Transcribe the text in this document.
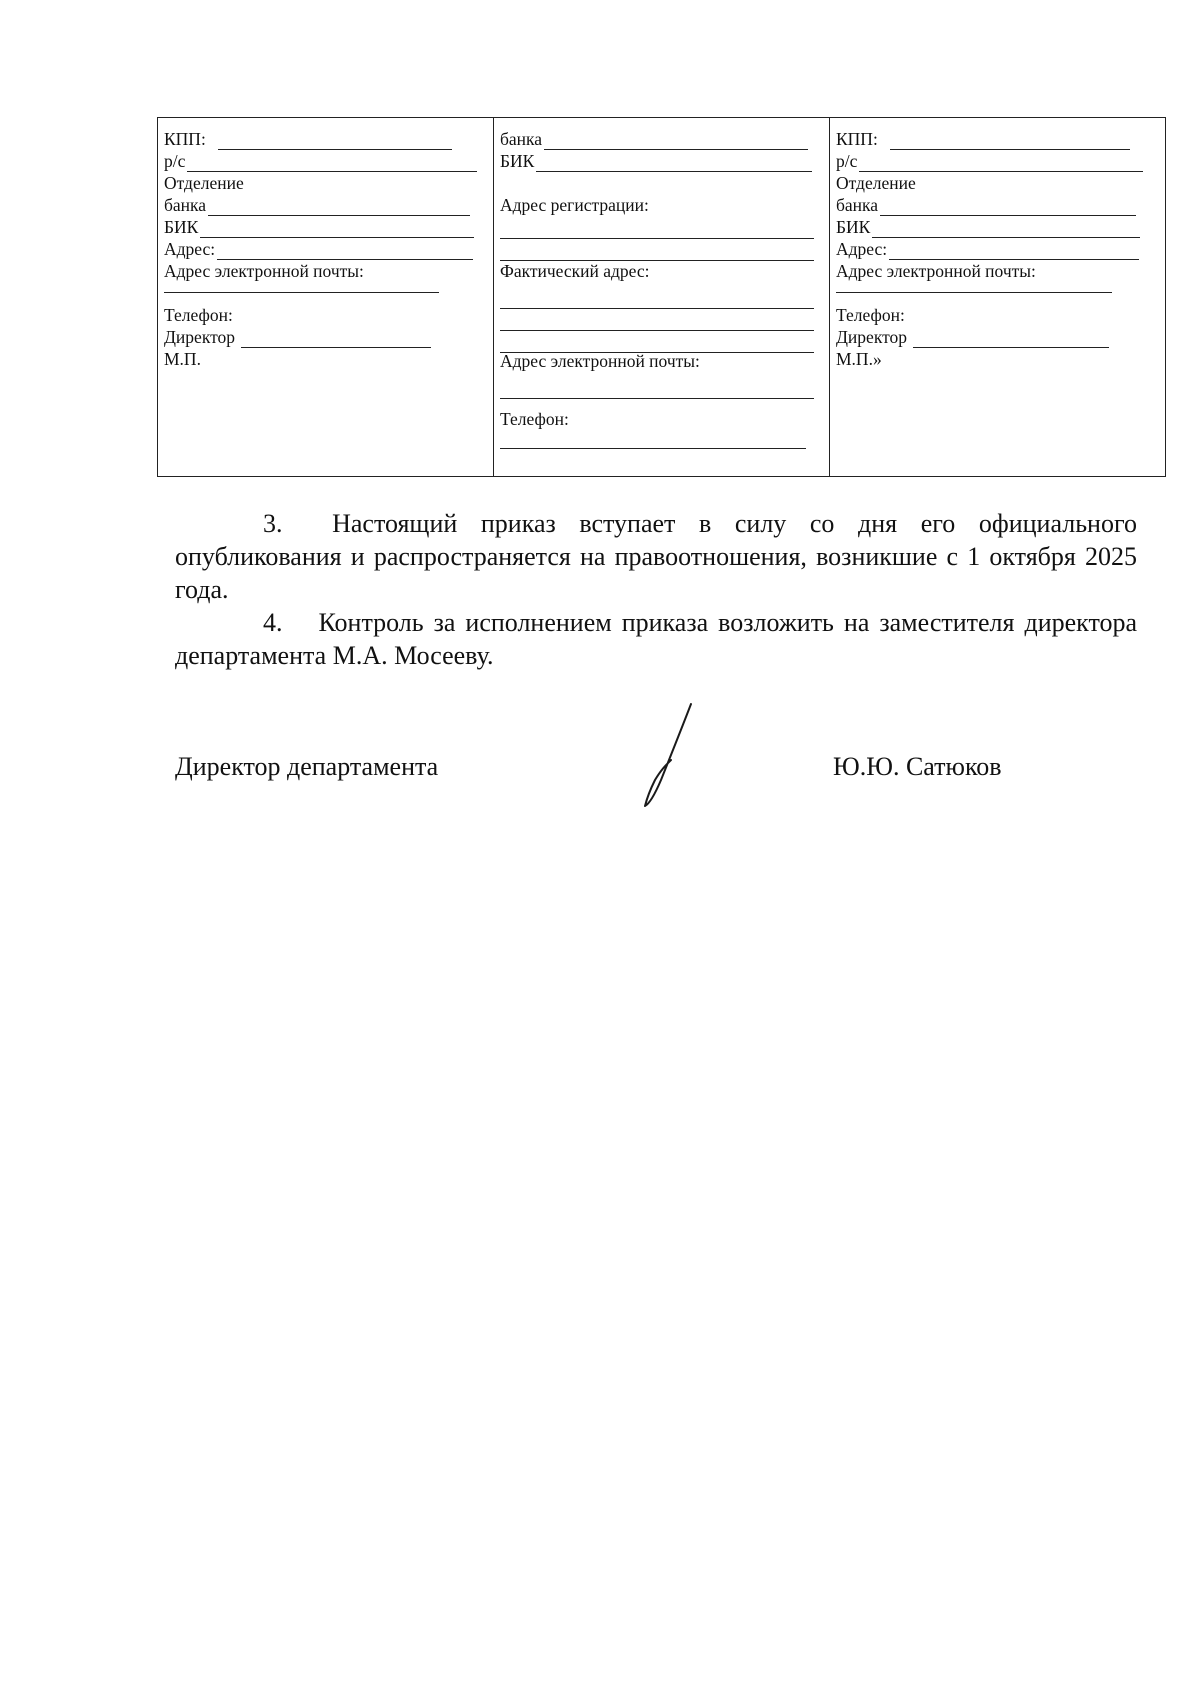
КПП:
р/с
Отделение
банка
БИК
Адрес:
Адрес электронной почты:
Телефон:
Директор
М.П.
банка
БИК
Адрес регистрации:
Фактический адрес:
Адрес электронной почты:
Телефон:
КПП:
р/с
Отделение
банка
БИК
Адрес:
Адрес электронной почты:
Телефон:
Директор
М.П.»
3.  Настоящий приказ вступает в силу со дня его официального опубликования и распространяется на правоотношения, возникшие с 1 октября 2025 года.
4.  Контроль за исполнением приказа возложить на заместителя директора департамента М.А. Мосееву.
Директор департамента	Ю.Ю. Сатюков
